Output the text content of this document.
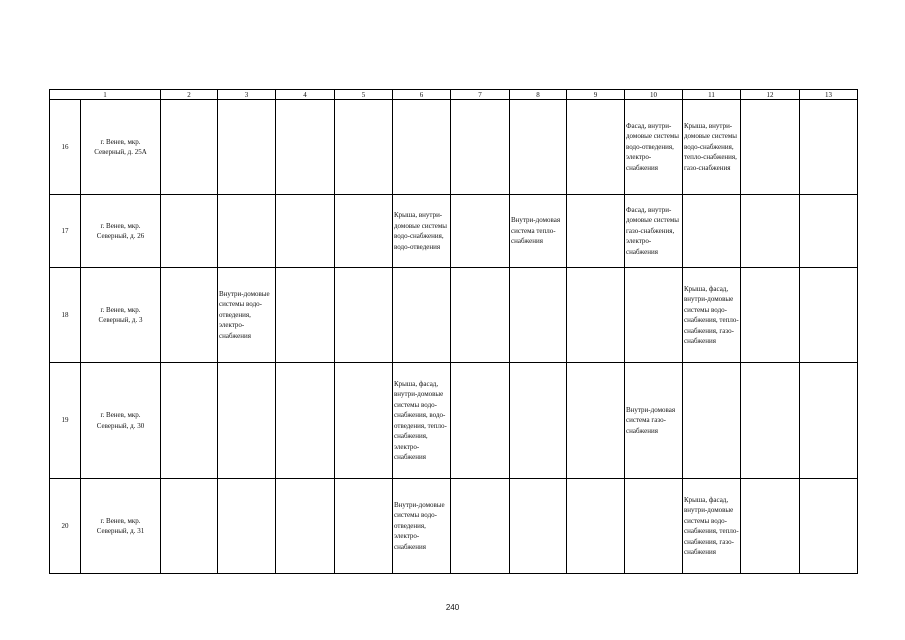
1		2	3	4	5	6	7	8	9	10	11	12	13
16	г. Венев, мкр. Северный, д. 25А									Фасад, внутри-домовые системы водо-отведения, электро-снабжения	Крыша, внутри-домовые системы водо-снабжения, тепло-снабжения, газо-снабжения		
17	г. Венев, мкр. Северный, д. 26					Крыша, внутри-домовые системы водо-снабжения, водо-отведения		Внутри-домовая система тепло-снабжения		Фасад, внутри-домовые системы газо-снабжения, электро-снабжения			
18	г. Венев, мкр. Северный, д. 3		Внутри-домовые системы водо-отведения, электро-снабжения								Крыша, фасад, внутри-домовые системы водо-снабжения, тепло-снабжения, газо-снабжения		
19	г. Венев, мкр. Северный, д. 30					Крыша, фасад, внутри-домовые системы водо-снабжения, водо-отведения, тепло-снабжения, электро-снабжения				Внутри-домовая система газо-снабжения			
20	г. Венев, мкр. Северный, д. 31					Внутри-домовые системы водо-отведения, электро-снабжения					Крыша, фасад, внутри-домовые системы водо-снабжения, тепло-снабжения, газо-снабжения		
240
